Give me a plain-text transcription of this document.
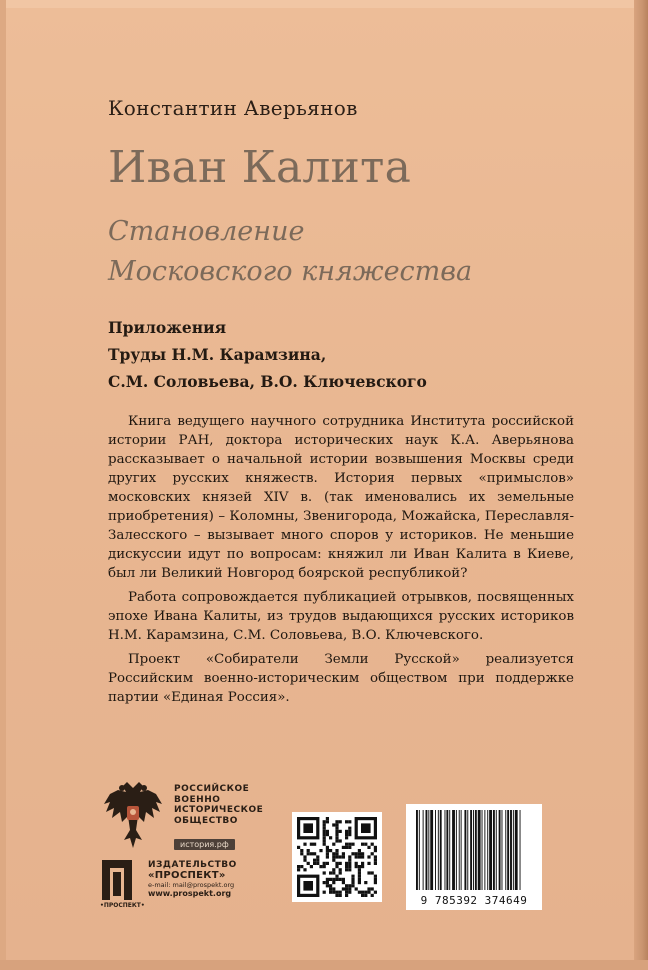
Константин Аверьянов
Иван Калита
Становление
Московского княжества
Приложения
Труды Н.М. Карамзина,
С.М. Соловьева, В.О. Ключевского

Книга ведущего научного сотрудника Института российской истории РАН, доктора исторических наук К.А. Аверьянова рассказывает о начальной истории возвышения Москвы среди других русских княжеств. История первых «примыслов» московских князей XIV в. (так именовались их земельные приобретения) – Коломны, Звенигорода, Можайска, Переславля-Залесского – вызывает много споров у историков. Не меньшие дискуссии идут по вопросам: княжил ли Иван Калита в Киеве, был ли Великий Новгород боярской республикой?

Работа сопровождается публикацией отрывков, посвященных эпохе Ивана Калиты, из трудов выдающихся русских историков Н.М. Карамзина, С.М. Соловьева, В.О. Ключевского.

Проект «Собиратели Земли Русской» реализуется Российским военно-историческим обществом при поддержке партии «Единая Россия».

РОССИЙСКОЕ
ВОЕННО
ИСТОРИЧЕСКОЕ
ОБЩЕСТВО
история.рф
•ПРОСПЕКТ•
ИЗДАТЕЛЬСТВО
«ПРОСПЕКТ»
e-mail: mail@prospekt.org
www.prospekt.org
9 785392 374649
